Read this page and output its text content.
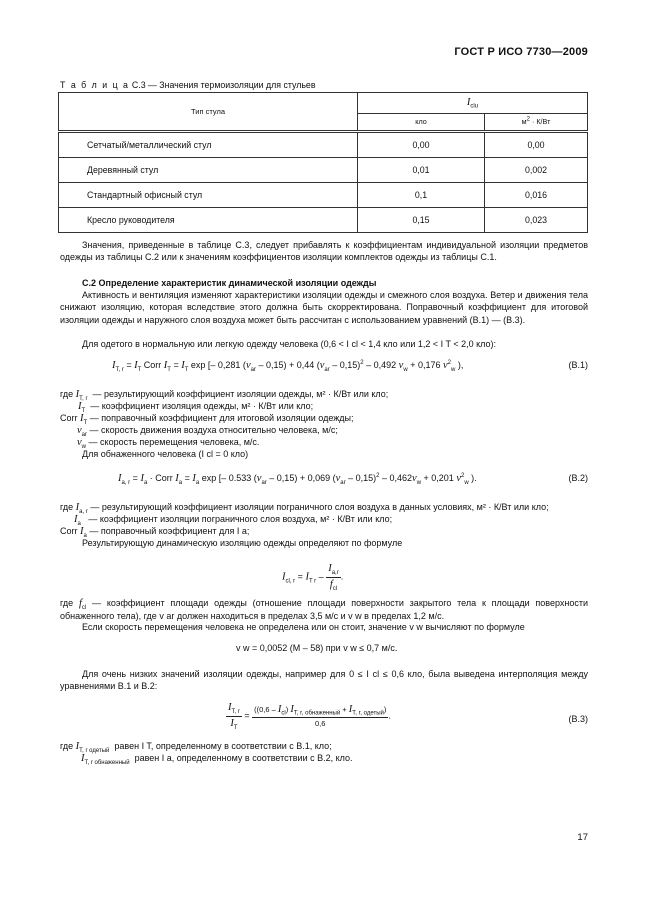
ГОСТ Р ИСО 7730—2009
Т а б л и ц а С.3 — Значения термоизоляции для стульев
Тип стула	$I_{clu}$
	кло	$м^2 \cdot К/Вт$
Сетчатый/металлический стул	0,00	0,00
Деревянный стул	0,01	0,002
Стандартный офисный стул	0,1	0,016
Кресло руководителя	0,15	0,023
Значения, приведенные в таблице С.3, следует прибавлять к коэффициентам индивидуальной изоляции предметов одежды из таблицы С.2 или к значениям коэффициентов изоляции комплектов одежды из таблицы С.1.
С.2 Определение характеристик динамической изоляции одежды
Активность и вентиляция изменяют характеристики изоляции одежды и смежного слоя воздуха. Ветер и движения тела снижают изоляцию, которая вследствие этого должна быть скорректирована. Поправочный коэффициент для итоговой изоляции одежды и наружного слоя воздуха может быть рассчитан с использованием уравнений (В.1) — (В.3).
Для одетого в нормальную или легкую одежду человека (0,6 < I cl < 1,4 кло или 1,2 < I T < 2,0 кло):
$I_{T, r} = I_T$ Corr $I_T = I_T$ exp [– 0,281 $(v_{ar} - 0,15) + 0,44$ $(v_{ar} - 0,15)^2 - 0,492$ $v_w + 0,176$ $v^2_w$ ),	(В.1)
где $I_{T, r}$ — результирующий коэффициент изоляции одежды, м² · К/Вт или кло;
$I_T$ — коэффициент изоляция одежды, м² · К/Вт или кло;
Corr $I_T$ — поправочный коэффициент для итоговой изоляции одежды;
$v_{ar}$ — скорость движения воздуха относительно человека, м/с;
$v_w$ — скорость перемещения человека, м/с.
Для обнаженного человека (I cl = 0 кло)
$I_{a, r} = I_a$ · Corr $I_a = I_a$ exp [– 0.533 $(v_{ar} - 0,15) + 0,069$ $(v_{ar} - 0,15)^2 - 0,462v_w + 0,201$ $v^2_w$ ).	(В.2)
где $I_{a, r}$ — результирующий коэффициент изоляции пограничного слоя воздуха в данных условиях, м² · К/Вт или кло;
$I_a$ — коэффициент изоляции пограничного слоя воздуха, м² · К/Вт или кло;
Corr $I_a$ — поправочный коэффициент для I a;
Результирующую динамическую изоляцию одежды определяют по формуле
$I_{cl, r} = I_{T r} - \frac{I_{a,r}}{f_{cl}}$ .
где $f_{cl}$ — коэффициент площади одежды (отношение площади поверхности закрытого тела к площади поверхности обнаженного тела), где v ar должен находиться в пределах 3,5 м/с и v w в пределах 1,2 м/с.
Если скорость перемещения человека не определена или он стоит, значение v w вычисляют по формуле
v w = 0,0052 (M – 58) при v w ≤ 0,7 м/с.
Для очень низких значений изоляции одежды, например для 0 ≤ I cl ≤ 0,6 кло, была выведена интерполяция между уравнениями В.1 и В.2:
$\frac{I_{T, r}}{I_T} = \frac{((0,6 - I_{cl}) I_{T, r, обнаженный} + I_{T, r, одетый})}{0,6}$ .	(В.3)
где $I_{T, r одетый}$ равен I T, определенному в соответствии с В.1, кло;
$I_{T, r обнаженный}$ равен I a, определенному в соответствии с В.2, кло.
17
